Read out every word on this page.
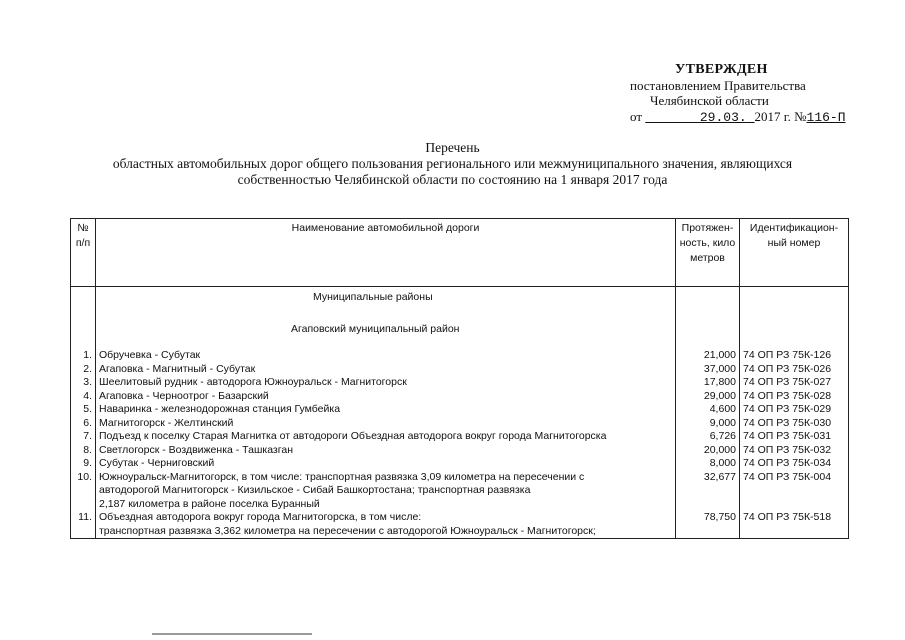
УТВЕРЖДЕН
постановлением Правительства
Челябинской области
от	29.03. 2017 г. №116-П
Перечень
областных автомобильных дорог общего пользования регионального или межмуниципального значения, являющихся
собственностью Челябинской области по состоянию на 1 января 2017 года
№ п/п	Наименование автомобильной дороги	Протяжен- ность, кило метров	Идентификацион- ный номер
	Муниципальные районы		
	Агаповский муниципальный район		
1.	Обручевка - Субутак	21,000	74 ОП РЗ 75К-126
2.	Агаповка - Магнитный - Субутак	37,000	74 ОП РЗ 75К-026
3.	Шеелитовый рудник - автодорога Южноуральск - Магнитогорск	17,800	74 ОП РЗ 75К-027
4.	Агаповка - Черноотрог - Базарский	29,000	74 ОП РЗ 75К-028
5.	Наваринка - железнодорожная станция Гумбейка	4,600	74 ОП РЗ 75К-029
6.	Магнитогорск - Желтинский	9,000	74 ОП РЗ 75К-030
7.	Подъезд к поселку Старая Магнитка от автодороги Объездная автодорога вокруг города Магнитогорска	6,726	74 ОП РЗ 75К-031
8.	Светлогорск - Воздвиженка - Ташказган	20,000	74 ОП РЗ 75К-032
9.	Субутак - Черниговский	8,000	74 ОП РЗ 75К-034
10.	Южноуральск-Магнитогорск, в том числе: транспортная развязка 3,09 километра на пересечении с
автодорогой Магнитогорск - Кизильское - Сибай Башкортостана; транспортная развязка
2,187 километра в районе поселка Буранный	32,677	74 ОП РЗ 75К-004
11.	Объездная автодорога вокруг города Магнитогорска, в том числе:
транспортная развязка 3,362 километра на пересечении с автодорогой Южноуральск - Магнитогорск;	78,750	74 ОП РЗ 75К-518
